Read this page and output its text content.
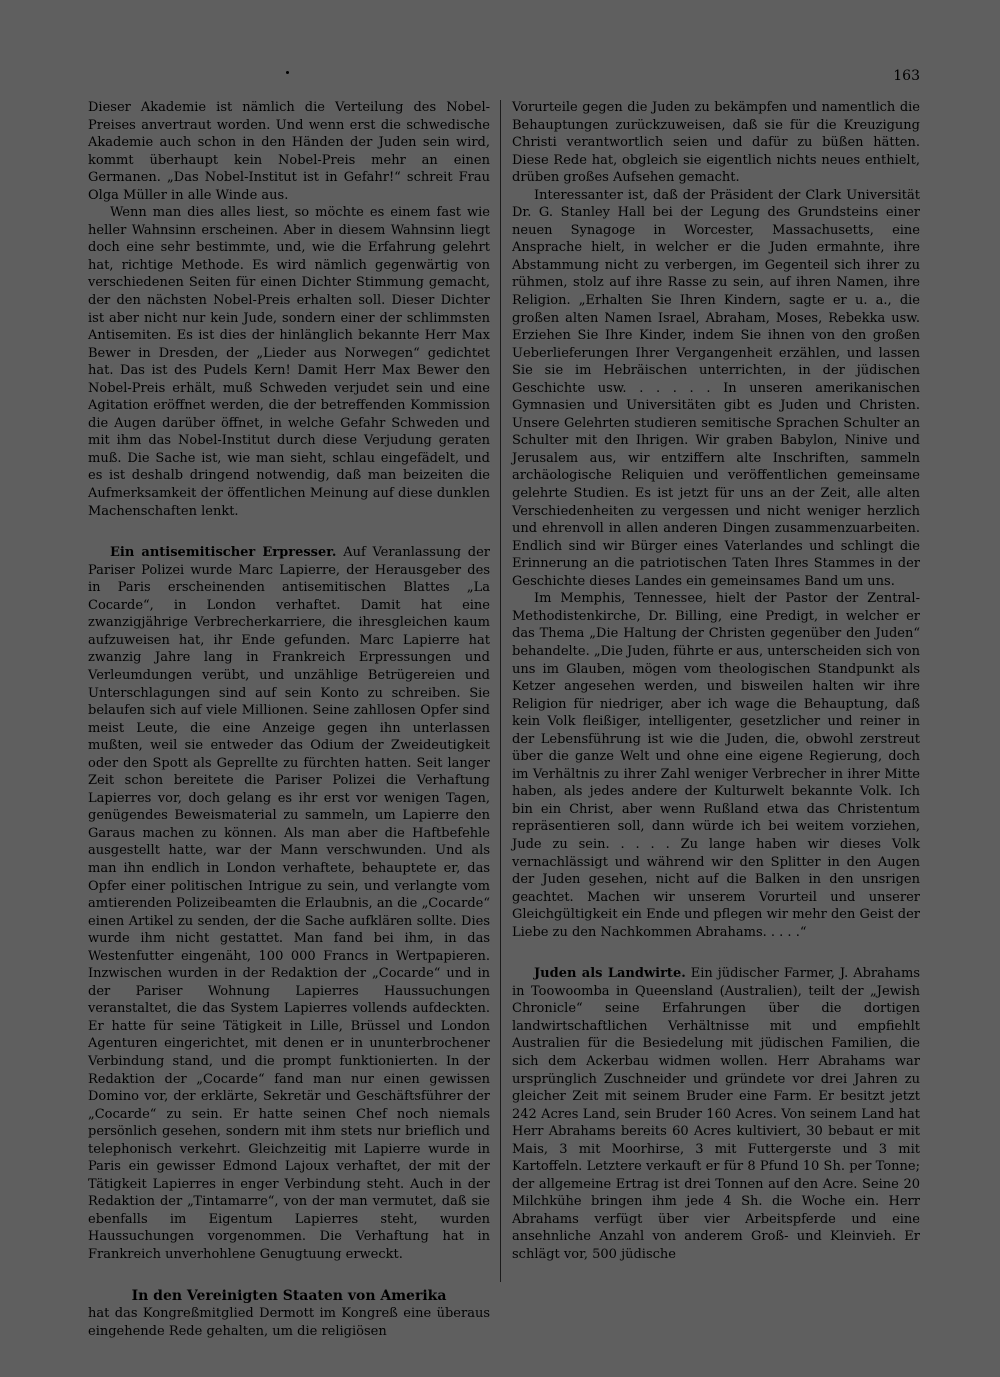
163

Dieser Akademie ist nämlich die Verteilung des Nobel-Preises anvertraut worden. Und wenn erst die schwedische Akademie auch schon in den Händen der Juden sein wird, kommt überhaupt kein Nobel-Preis mehr an einen Germanen. „Das Nobel-Institut ist in Gefahr!“ schreit Frau Olga Müller in alle Winde aus.

Wenn man dies alles liest, so möchte es einem fast wie heller Wahnsinn erscheinen. Aber in diesem Wahnsinn liegt doch eine sehr bestimmte, und, wie die Erfahrung gelehrt hat, richtige Methode. Es wird nämlich gegenwärtig von verschiedenen Seiten für einen Dichter Stimmung gemacht, der den nächsten Nobel-Preis erhalten soll. Dieser Dichter ist aber nicht nur kein Jude, sondern einer der schlimmsten Antisemiten. Es ist dies der hinlänglich bekannte Herr Max Bewer in Dresden, der „Lieder aus Norwegen“ gedichtet hat. Das ist des Pudels Kern! Damit Herr Max Bewer den Nobel-Preis erhält, muß Schweden verjudet sein und eine Agitation eröffnet werden, die der betreffenden Kommission die Augen darüber öffnet, in welche Gefahr Schweden und mit ihm das Nobel-Institut durch diese Verjudung geraten muß. Die Sache ist, wie man sieht, schlau eingefädelt, und es ist deshalb dringend notwendig, daß man beizeiten die Aufmerksamkeit der öffentlichen Meinung auf diese dunklen Machenschaften lenkt.

Ein antisemitischer Erpresser. Auf Veranlassung der Pariser Polizei wurde Marc Lapierre, der Herausgeber des in Paris erscheinenden antisemitischen Blattes „La Cocarde“, in London verhaftet. Damit hat eine zwanzigjährige Verbrecherkarriere, die ihresgleichen kaum aufzuweisen hat, ihr Ende gefunden. Marc Lapierre hat zwanzig Jahre lang in Frankreich Erpressungen und Verleumdungen verübt, und unzählige Betrügereien und Unterschlagungen sind auf sein Konto zu schreiben. Sie belaufen sich auf viele Millionen. Seine zahllosen Opfer sind meist Leute, die eine Anzeige gegen ihn unterlassen mußten, weil sie entweder das Odium der Zweideutigkeit oder den Spott als Geprellte zu fürchten hatten. Seit langer Zeit schon bereitete die Pariser Polizei die Verhaftung Lapierres vor, doch gelang es ihr erst vor wenigen Tagen, genügendes Beweismaterial zu sammeln, um Lapierre den Garaus machen zu können. Als man aber die Haftbefehle ausgestellt hatte, war der Mann verschwunden. Und als man ihn endlich in London verhaftete, behauptete er, das Opfer einer politischen Intrigue zu sein, und verlangte vom amtierenden Polizeibeamten die Erlaubnis, an die „Cocarde“ einen Artikel zu senden, der die Sache aufklären sollte. Dies wurde ihm nicht gestattet. Man fand bei ihm, in das Westenfutter eingenäht, 100 000 Francs in Wertpapieren. Inzwischen wurden in der Redaktion der „Cocarde“ und in der Pariser Wohnung Lapierres Haussuchungen veranstaltet, die das System Lapierres vollends aufdeckten. Er hatte für seine Tätigkeit in Lille, Brüssel und London Agenturen eingerichtet, mit denen er in ununterbrochener Verbindung stand, und die prompt funktionierten. In der Redaktion der „Cocarde“ fand man nur einen gewissen Domino vor, der erklärte, Sekretär und Geschäftsführer der „Cocarde“ zu sein. Er hatte seinen Chef noch niemals persönlich gesehen, sondern mit ihm stets nur brieflich und telephonisch verkehrt. Gleichzeitig mit Lapierre wurde in Paris ein gewisser Edmond Lajoux verhaftet, der mit der Tätigkeit Lapierres in enger Verbindung steht. Auch in der Redaktion der „Tintamarre“, von der man vermutet, daß sie ebenfalls im Eigentum Lapierres steht, wurden Haussuchungen vorgenommen. Die Verhaftung hat in Frankreich unverhohlene Genugtuung erweckt.

In den Vereinigten Staaten von Amerika

hat das Kongreßmitglied Dermott im Kongreß eine überaus eingehende Rede gehalten, um die religiösen

Vorurteile gegen die Juden zu bekämpfen und namentlich die Behauptungen zurückzuweisen, daß sie für die Kreuzigung Christi verantwortlich seien und dafür zu büßen hätten. Diese Rede hat, obgleich sie eigentlich nichts neues enthielt, drüben großes Aufsehen gemacht.

Interessanter ist, daß der Präsident der Clark Universität Dr. G. Stanley Hall bei der Legung des Grundsteins einer neuen Synagoge in Worcester, Massachusetts, eine Ansprache hielt, in welcher er die Juden ermahnte, ihre Abstammung nicht zu verbergen, im Gegenteil sich ihrer zu rühmen, stolz auf ihre Rasse zu sein, auf ihren Namen, ihre Religion. „Erhalten Sie Ihren Kindern, sagte er u. a., die großen alten Namen Israel, Abraham, Moses, Rebekka usw. Erziehen Sie Ihre Kinder, indem Sie ihnen von den großen Ueberlieferungen Ihrer Vergangenheit erzählen, und lassen Sie sie im Hebräischen unterrichten, in der jüdischen Geschichte usw. . . . . . In unseren amerikanischen Gymnasien und Universitäten gibt es Juden und Christen. Unsere Gelehrten studieren semitische Sprachen Schulter an Schulter mit den Ihrigen. Wir graben Babylon, Ninive und Jerusalem aus, wir entziffern alte Inschriften, sammeln archäologische Reliquien und veröffentlichen gemeinsame gelehrte Studien. Es ist jetzt für uns an der Zeit, alle alten Verschiedenheiten zu vergessen und nicht weniger herzlich und ehrenvoll in allen anderen Dingen zusammenzuarbeiten. Endlich sind wir Bürger eines Vaterlandes und schlingt die Erinnerung an die patriotischen Taten Ihres Stammes in der Geschichte dieses Landes ein gemeinsames Band um uns.

Im Memphis, Tennessee, hielt der Pastor der Zentral-Methodistenkirche, Dr. Billing, eine Predigt, in welcher er das Thema „Die Haltung der Christen gegenüber den Juden“ behandelte. „Die Juden, führte er aus, unterscheiden sich von uns im Glauben, mögen vom theologischen Standpunkt als Ketzer angesehen werden, und bisweilen halten wir ihre Religion für niedriger, aber ich wage die Behauptung, daß kein Volk fleißiger, intelligenter, gesetzlicher und reiner in der Lebensführung ist wie die Juden, die, obwohl zerstreut über die ganze Welt und ohne eine eigene Regierung, doch im Verhältnis zu ihrer Zahl weniger Verbrecher in ihrer Mitte haben, als jedes andere der Kulturwelt bekannte Volk. Ich bin ein Christ, aber wenn Rußland etwa das Christentum repräsentieren soll, dann würde ich bei weitem vorziehen, Jude zu sein. . . . . Zu lange haben wir dieses Volk vernachlässigt und während wir den Splitter in den Augen der Juden gesehen, nicht auf die Balken in den unsrigen geachtet. Machen wir unserem Vorurteil und unserer Gleichgültigkeit ein Ende und pflegen wir mehr den Geist der Liebe zu den Nachkommen Abrahams. . . . .“

Juden als Landwirte. Ein jüdischer Farmer, J. Abrahams in Toowoomba in Queensland (Australien), teilt der „Jewish Chronicle“ seine Erfahrungen über die dortigen landwirtschaftlichen Verhältnisse mit und empfiehlt Australien für die Besiedelung mit jüdischen Familien, die sich dem Ackerbau widmen wollen. Herr Abrahams war ursprünglich Zuschneider und gründete vor drei Jahren zu gleicher Zeit mit seinem Bruder eine Farm. Er besitzt jetzt 242 Acres Land, sein Bruder 160 Acres. Von seinem Land hat Herr Abrahams bereits 60 Acres kultiviert, 30 bebaut er mit Mais, 3 mit Moorhirse, 3 mit Futtergerste und 3 mit Kartoffeln. Letztere verkauft er für 8 Pfund 10 Sh. per Tonne; der allgemeine Ertrag ist drei Tonnen auf den Acre. Seine 20 Milchkühe bringen ihm jede 4 Sh. die Woche ein. Herr Abrahams verfügt über vier Arbeitspferde und eine ansehnliche Anzahl von anderem Groß- und Kleinvieh. Er schlägt vor, 500 jüdische
